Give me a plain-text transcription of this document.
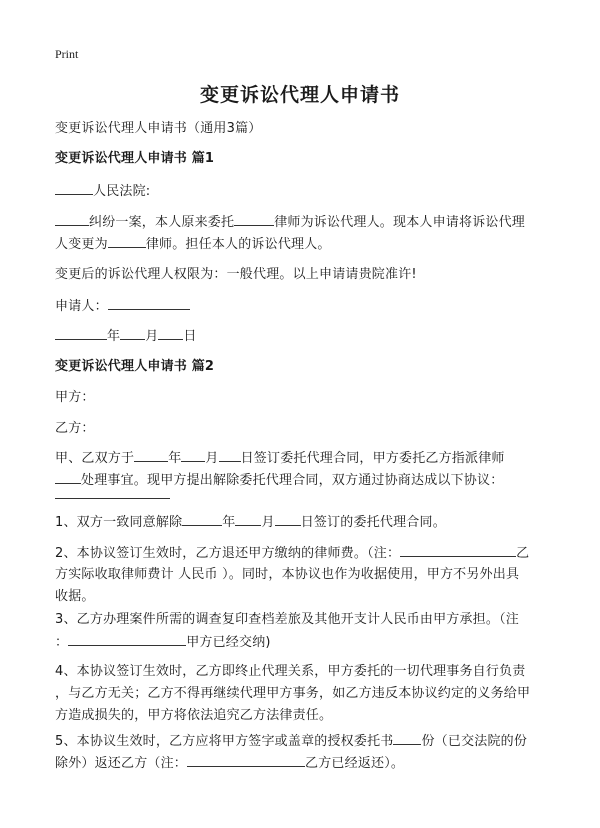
Print
变更诉讼代理人申请书
变更诉讼代理人申请书（通用3篇）
变更诉讼代理人申请书 篇1
人民法院:
纠纷一案，本人原来委托	律师为诉讼代理人。现本人申请将诉讼代理
人变更为	律师。担任本人的诉讼代理人。
变更后的诉讼代理人权限为：一般代理。以上申请请贵院准许!
申请人：
年 月 日
变更诉讼代理人申请书 篇2
甲方：
乙方：
甲、乙双方于	年 月 日签订委托代理合同，甲方委托乙方指派律师
处理事宜。现甲方提出解除委托代理合同，双方通过协商达成以下协议：
1、双方一致同意解除	年 月 日签订的委托代理合同。
2、本协议签订生效时，乙方退还甲方缴纳的律师费。（注：	乙
方实际收取律师费计 人民币 ）。同时，本协议也作为收据使用，甲方不另外出具
收据。
3、乙方办理案件所需的调查复印查档差旅及其他开支计人民币由甲方承担。（注
：	甲方已经交纳)
4、本协议签订生效时，乙方即终止代理关系，甲方委托的一切代理事务自行负责
，与乙方无关；乙方不得再继续代理甲方事务，如乙方违反本协议约定的义务给甲
方造成损失的，甲方将依法追究乙方法律责任。
5、本协议生效时，乙方应将甲方签字或盖章的授权委托书 份（已交法院的份
除外）返还乙方（注：	乙方已经返还）。
